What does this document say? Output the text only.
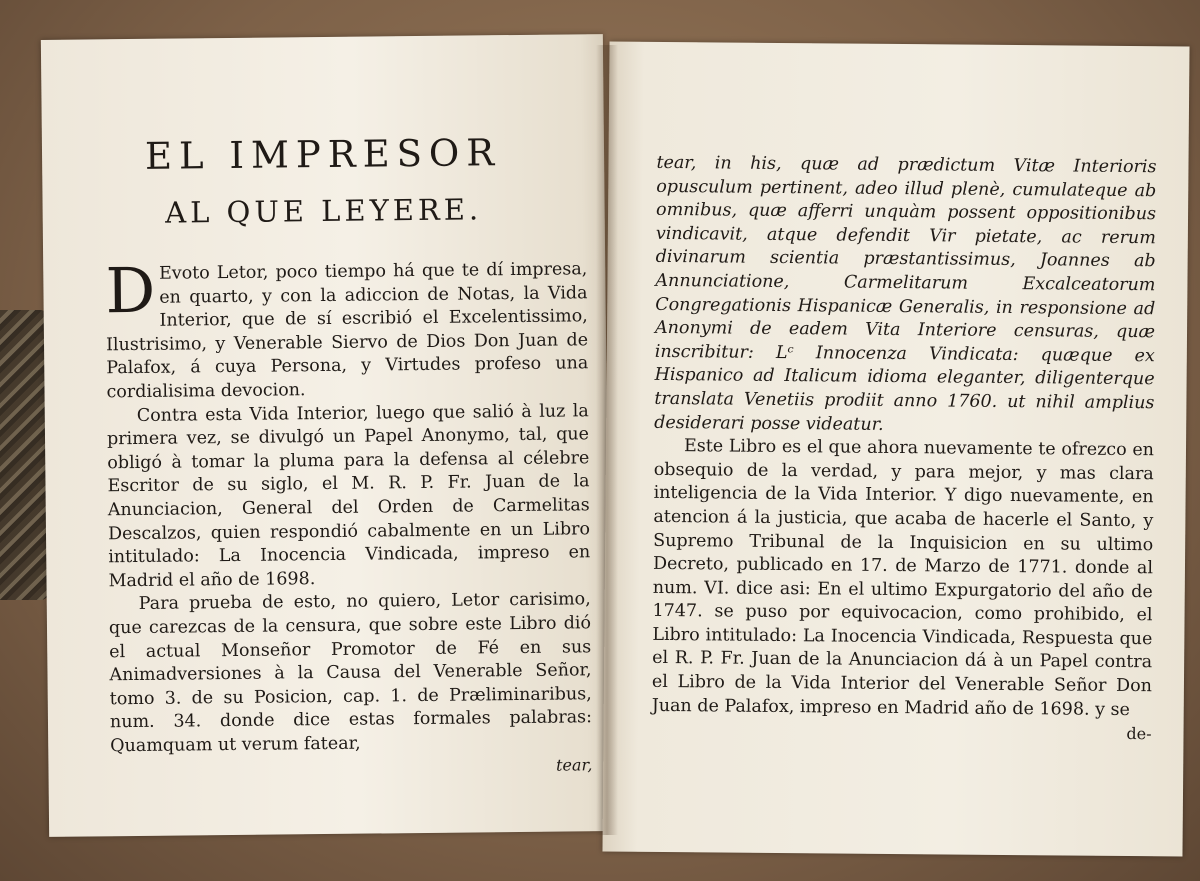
EL IMPRESOR
AL QUE LEYERE.

D Evoto Letor, poco tiempo há que te dí impresa, en quarto, y con la adiccion de Notas, la Vida Interior, que de sí escribió el Excelentissimo, Ilustrisimo, y Venerable Siervo de Dios Don Juan de Palafox, á cuya Persona, y Virtudes profeso una cordialisima devocion.

Contra esta Vida Interior, luego que salió à luz la primera vez, se divulgó un Papel Anonymo, tal, que obligó à tomar la pluma para la defensa al célebre Escritor de su siglo, el M. R. P. Fr. Juan de la Anunciacion, General del Orden de Carmelitas Descalzos, quien respondió cabalmente en un Libro intitulado: La Inocencia Vindicada, impreso en Madrid el año de 1698.

Para prueba de esto, no quiero, Letor carisimo, que carezcas de la censura, que sobre este Libro dió el actual Monseñor Promotor de Fé en sus Animadversiones à la Causa del Venerable Señor, tomo 3. de su Posicion, cap. 1. de Præliminaribus, num. 34. donde dice estas formales palabras: Quamquam ut verum fatear,

tear,

tear, in his, quæ ad prædictum Vitæ Interioris opusculum pertinent, adeo illud plenè, cumulateque ab omnibus, quæ afferri unquàm possent oppositionibus vindicavit, atque defendit Vir pietate, ac rerum divinarum scientia præstantissimus, Joannes ab Annunciatione, Carmelitarum Excalceatorum Congregationis Hispanicæ Generalis, in responsione ad Anonymi de eadem Vita Interiore censuras, quæ inscribitur: Lᶜ Innocenza Vindicata: quæque ex Hispanico ad Italicum idioma eleganter, diligenterque translata Venetiis prodiit anno 1760. ut nihil amplius desiderari posse videatur.

Este Libro es el que ahora nuevamente te ofrezco en obsequio de la verdad, y para mejor, y mas clara inteligencia de la Vida Interior. Y digo nuevamente, en atencion á la justicia, que acaba de hacerle el Santo, y Supremo Tribunal de la Inquisicion en su ultimo Decreto, publicado en 17. de Marzo de 1771. donde al num. VI. dice asi: En el ultimo Expurgatorio del año de 1747. se puso por equivocacion, como prohibido, el Libro intitulado: La Inocencia Vindicada, Respuesta que el R. P. Fr. Juan de la Anunciacion dá à un Papel contra el Libro de la Vida Interior del Venerable Señor Don Juan de Palafox, impreso en Madrid año de 1698. y se

de-
